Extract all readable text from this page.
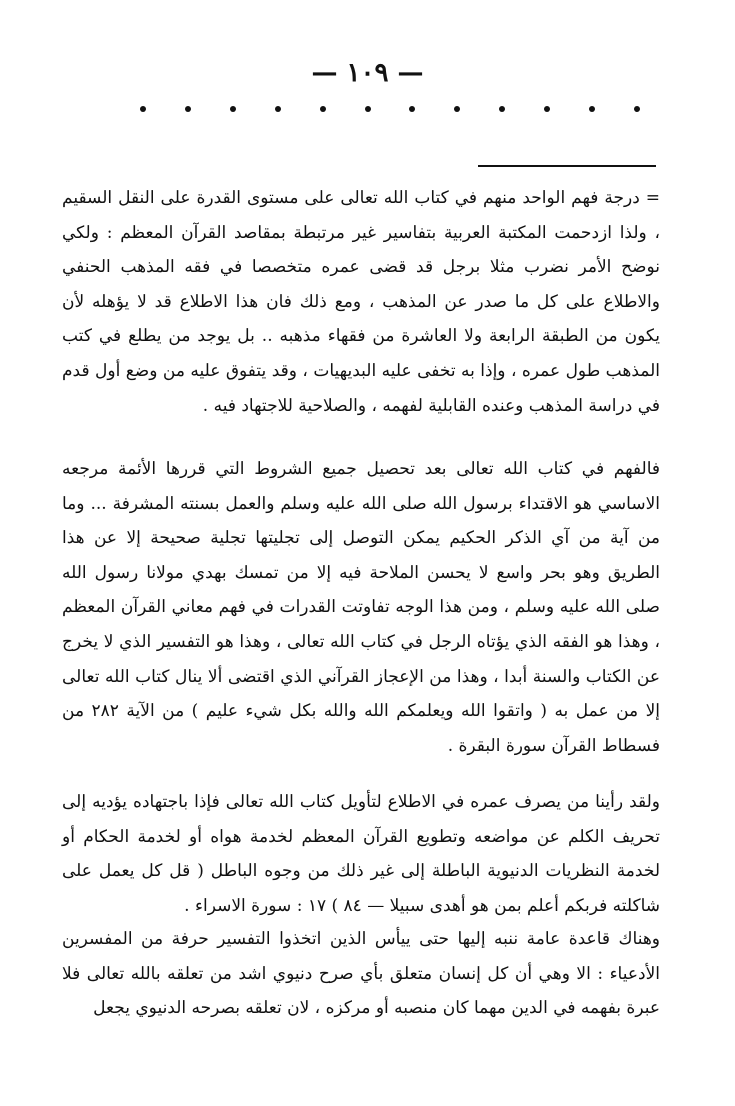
— ١٠٩ —

= درجة فهم الواحد منهم في كتاب الله تعالى على مستوى القدرة على النقل السقيم ، ولذا ازدحمت المكتبة العربية بتفاسير غير مرتبطة بمقاصد القرآن المعظم : ولكي نوضح الأمر نضرب مثلا برجل قد قضى عمره متخصصا في فقه المذهب الحنفي والاطلاع على كل ما صدر عن المذهب ، ومع ذلك فان هذا الاطلاع قد لا يؤهله لأن يكون من الطبقة الرابعة ولا العاشرة من فقهاء مذهبه .. بل يوجد من يطلع في كتب المذهب طول عمره ، وإذا به تخفى عليه البديهيات ، وقد يتفوق عليه من وضع أول قدم في دراسة المذهب وعنده القابلية لفهمه ، والصلاحية للاجتهاد فيه .

فالفهم في كتاب الله تعالى بعد تحصيل جميع الشروط التي قررها الأئمة مرجعه الاساسي هو الاقتداء برسول الله صلى الله عليه وسلم والعمل بسنته المشرفة ... وما من آية من آي الذكر الحكيم يمكن التوصل إلى تجليتها تجلية صحيحة إلا عن هذا الطريق وهو بحر واسع لا يحسن الملاحة فيه إلا من تمسك بهدي مولانا رسول الله صلى الله عليه وسلم ، ومن هذا الوجه تفاوتت القدرات في فهم معاني القرآن المعظم ، وهذا هو الفقه الذي يؤتاه الرجل في كتاب الله تعالى ، وهذا هو التفسير الذي لا يخرج عن الكتاب والسنة أبدا ، وهذا من الإعجاز القرآني الذي اقتضى ألا ينال كتاب الله تعالى إلا من عمل به ( واتقوا الله ويعلمكم الله والله بكل شيء عليم ) من الآية ٢٨٢ من فسطاط القرآن سورة البقرة .

ولقد رأينا من يصرف عمره في الاطلاع لتأويل كتاب الله تعالى فإذا باجتهاده يؤديه إلى تحريف الكلم عن مواضعه وتطويع القرآن المعظم لخدمة هواه أو لخدمة الحكام أو لخدمة النظريات الدنيوية الباطلة إلى غير ذلك من وجوه الباطل ( قل كل يعمل على شاكلته فربكم أعلم بمن هو أهدى سبيلا — ٨٤ ) ١٧ : سورة الاسراء .

وهناك قاعدة عامة ننبه إليها حتى ييأس الذين اتخذوا التفسير حرفة من المفسرين الأدعياء : الا وهي أن كل إنسان متعلق بأي صرح دنيوي اشد من تعلقه بالله تعالى فلا عبرة بفهمه في الدين مهما كان منصبه أو مركزه ، لان تعلقه بصرحه الدنيوي يجعل
